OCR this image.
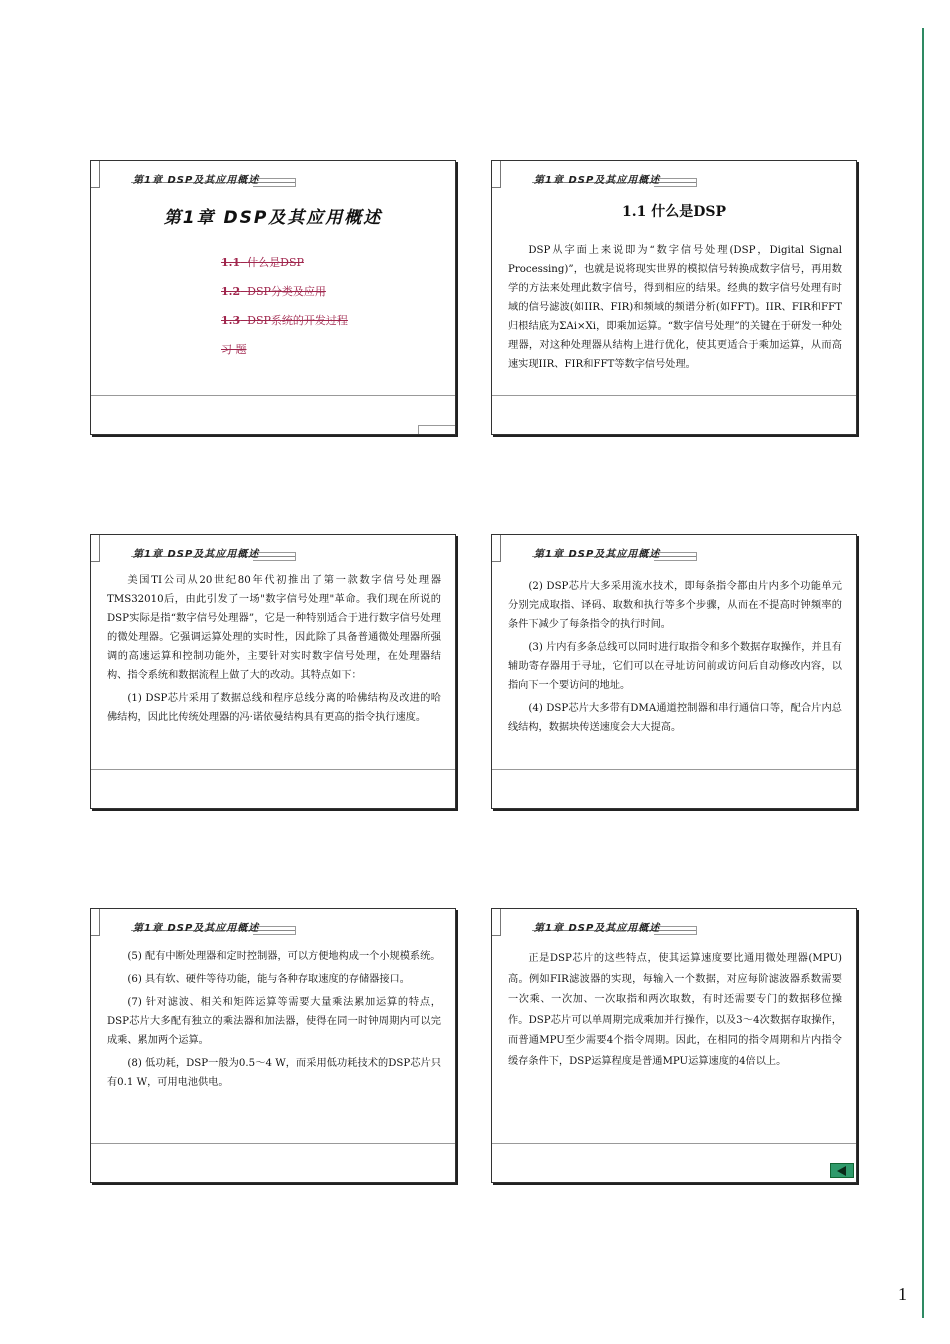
第1章 DSP及其应用概述
第1章 DSP及其应用概述
1.1 什么是DSP
1.2 DSP分类及应用
1.3 DSP系统的开发过程
习 题
第1章 DSP及其应用概述
1.1 什么是DSP

DSP从字面上来说即为“数字信号处理(DSP，Digital Signal Processing)”，也就是说将现实世界的模拟信号转换成数字信号，再用数学的方法来处理此数字信号，得到相应的结果。经典的数字信号处理有时域的信号滤波(如IIR、FIR)和频域的频谱分析(如FFT)。IIR、FIR和FFT归根结底为ΣAi×Xi，即乘加运算。“数字信号处理”的关键在于研发一种处理器，对这种处理器从结构上进行优化，使其更适合于乘加运算，从而高速实现IIR、FIR和FFT等数字信号处理。

第1章 DSP及其应用概述

美国TI公司从20世纪80年代初推出了第一款数字信号处理器TMS32010后，由此引发了一场"数字信号处理"革命。我们现在所说的DSP实际是指“数字信号处理器”，它是一种特别适合于进行数字信号处理的微处理器。它强调运算处理的实时性，因此除了具备普通微处理器所强调的高速运算和控制功能外，主要针对实时数字信号处理，在处理器结构、指令系统和数据流程上做了大的改动。其特点如下：

(1) DSP芯片采用了数据总线和程序总线分离的哈佛结构及改进的哈佛结构，因此比传统处理器的冯·诺依曼结构具有更高的指令执行速度。

第1章 DSP及其应用概述

(2) DSP芯片大多采用流水技术，即每条指令都由片内多个功能单元分别完成取指、译码、取数和执行等多个步骤，从而在不提高时钟频率的条件下减少了每条指令的执行时间。

(3) 片内有多条总线可以同时进行取指令和多个数据存取操作，并且有辅助寄存器用于寻址，它们可以在寻址访问前或访问后自动修改内容，以指向下一个要访问的地址。

(4) DSP芯片大多带有DMA通道控制器和串行通信口等，配合片内总线结构，数据块传送速度会大大提高。

第1章 DSP及其应用概述

(5) 配有中断处理器和定时控制器，可以方便地构成一个小规模系统。

(6) 具有软、硬件等待功能，能与各种存取速度的存储器接口。

(7) 针对滤波、相关和矩阵运算等需要大量乘法累加运算的特点，DSP芯片大多配有独立的乘法器和加法器，使得在同一时钟周期内可以完成乘、累加两个运算。

(8) 低功耗，DSP一般为0.5～4 W，而采用低功耗技术的DSP芯片只有0.1 W，可用电池供电。

第1章 DSP及其应用概述

正是DSP芯片的这些特点，使其运算速度要比通用微处理器(MPU)高。例如FIR滤波器的实现，每输入一个数据，对应每阶滤波器系数需要一次乘、一次加、一次取指和两次取数，有时还需要专门的数据移位操作。DSP芯片可以单周期完成乘加并行操作，以及3～4次数据存取操作，而普通MPU至少需要4个指令周期。因此，在相同的指令周期和片内指令缓存条件下，DSP运算程度是普通MPU运算速度的4倍以上。

1
